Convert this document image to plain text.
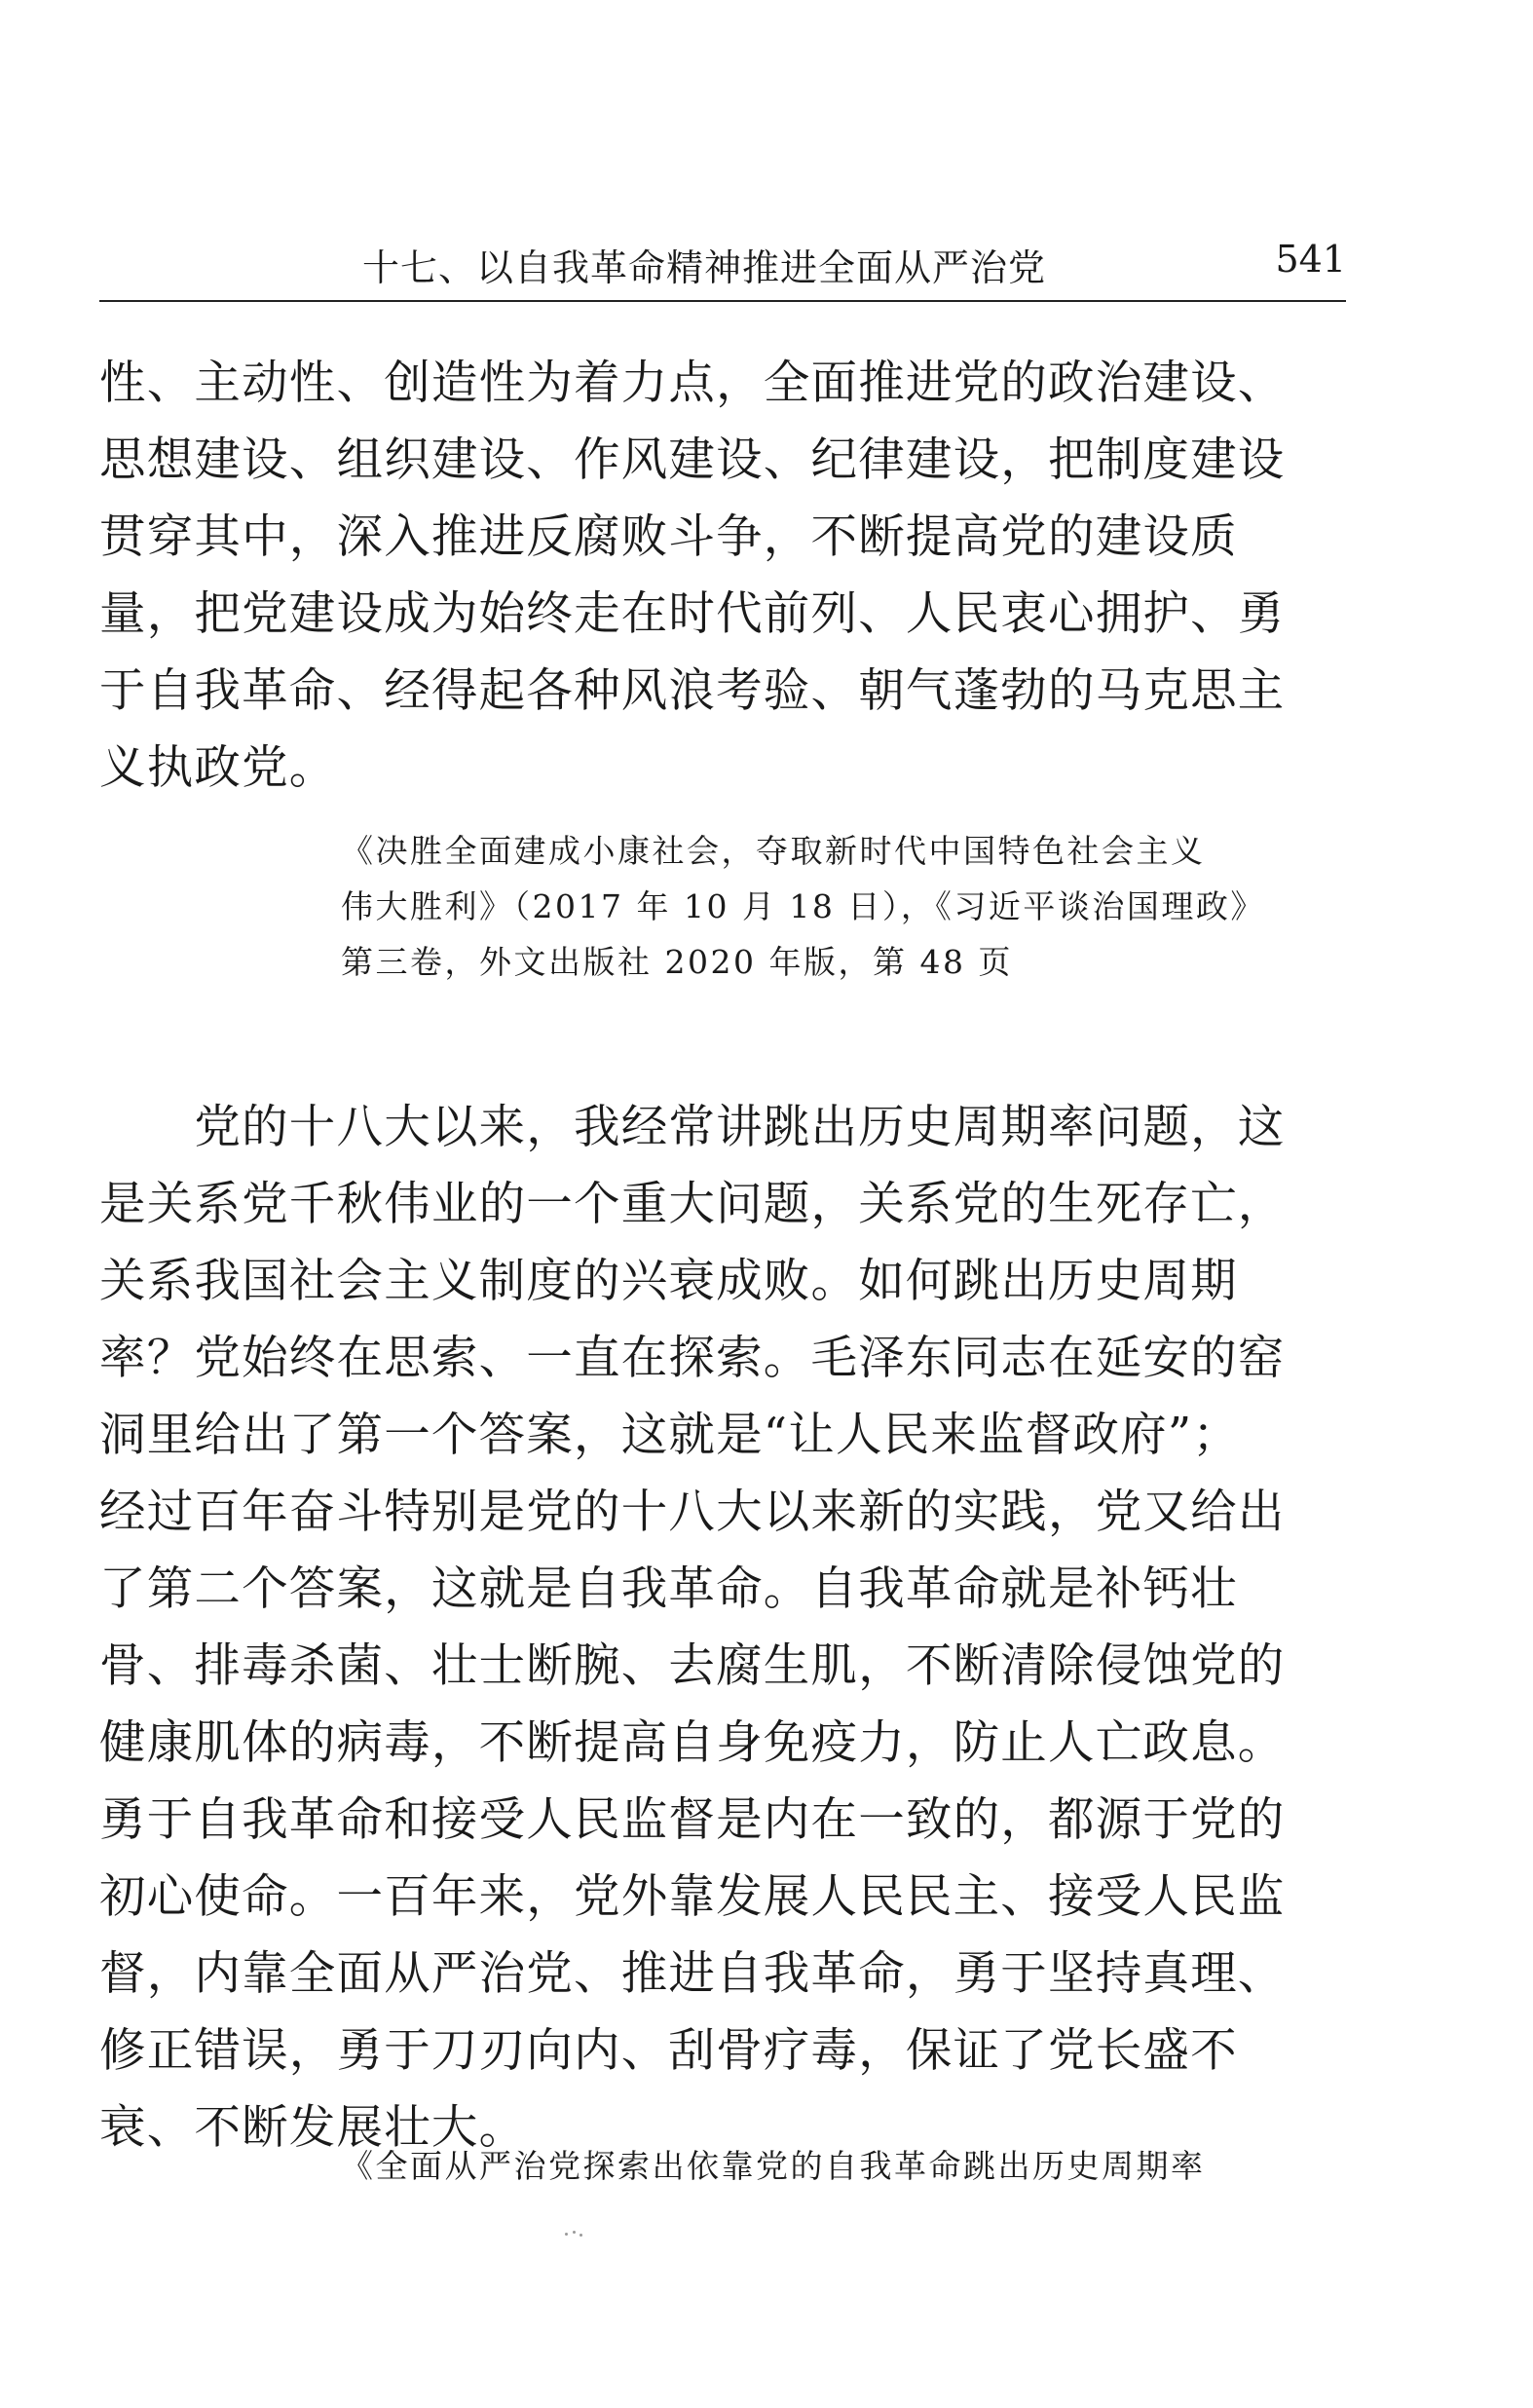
十七、以自我革命精神推进全面从严治党	541
性、主动性、创造性为着力点，全面推进党的政治建设、
思想建设、组织建设、作风建设、纪律建设，把制度建设
贯穿其中，深入推进反腐败斗争，不断提高党的建设质
量，把党建设成为始终走在时代前列、人民衷心拥护、勇
于自我革命、经得起各种风浪考验、朝气蓬勃的马克思主
义执政党。
《决胜全面建成小康社会，夺取新时代中国特色社会主义
伟大胜利》（2017 年 10 月 18 日），《习近平谈治国理政》
第三卷，外文出版社 2020 年版，第 48 页
　　党的十八大以来，我经常讲跳出历史周期率问题，这
是关系党千秋伟业的一个重大问题，关系党的生死存亡，
关系我国社会主义制度的兴衰成败。如何跳出历史周期
率？党始终在思索、一直在探索。毛泽东同志在延安的窑
洞里给出了第一个答案，这就是“让人民来监督政府”；
经过百年奋斗特别是党的十八大以来新的实践，党又给出
了第二个答案，这就是自我革命。自我革命就是补钙壮
骨、排毒杀菌、壮士断腕、去腐生肌，不断清除侵蚀党的
健康肌体的病毒，不断提高自身免疫力，防止人亡政息。
勇于自我革命和接受人民监督是内在一致的，都源于党的
初心使命。一百年来，党外靠发展人民民主、接受人民监
督，内靠全面从严治党、推进自我革命，勇于坚持真理、
修正错误，勇于刀刃向内、刮骨疗毒，保证了党长盛不
衰、不断发展壮大。
《全面从严治党探索出依靠党的自我革命跳出历史周期率
